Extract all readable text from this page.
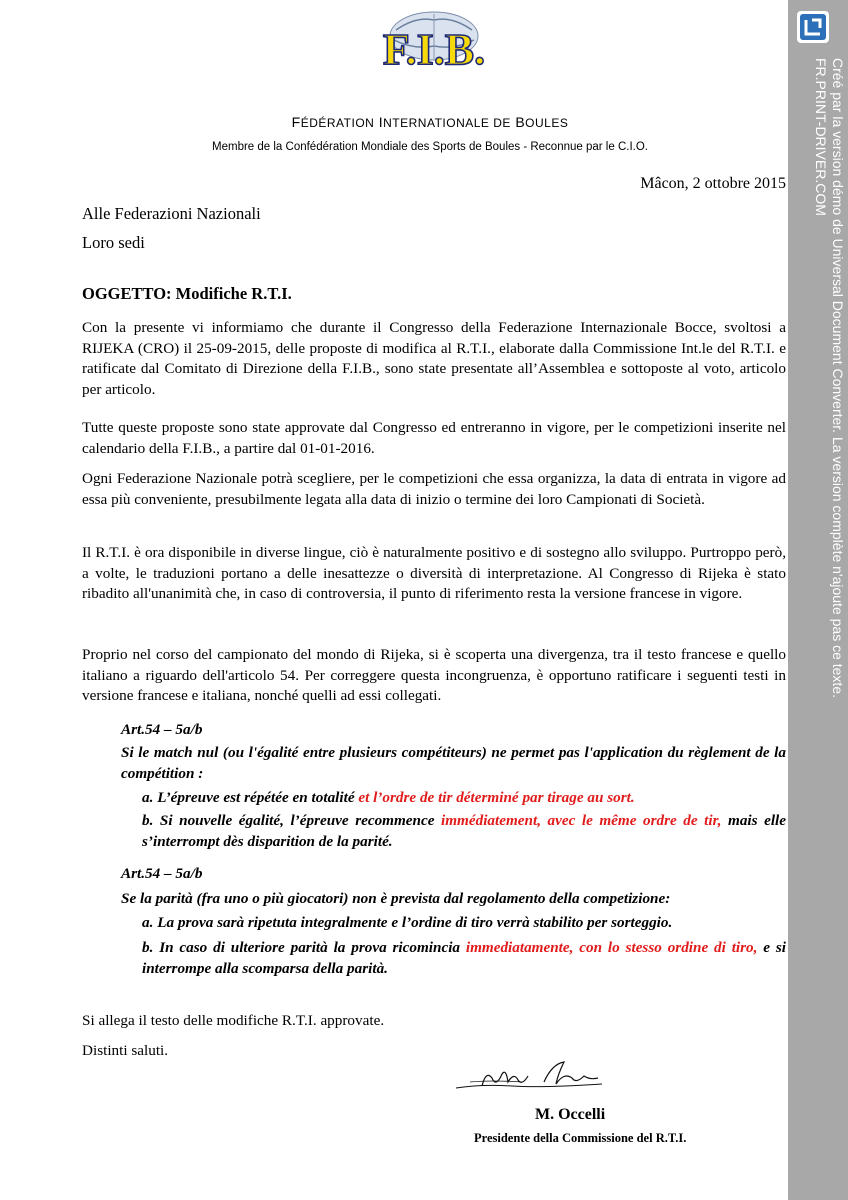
F.I.B.
FÉDÉRATION INTERNATIONALE DE BOULES
Membre de la Confédération Mondiale des Sports de Boules - Reconnue par le C.I.O.
Mâcon, 2 ottobre 2015
Alle Federazioni Nazionali
Loro sedi
OGGETTO: Modifiche R.T.I.

Con la presente vi informiamo che durante il Congresso della Federazione Internazionale Bocce, svoltosi a RIJEKA (CRO) il 25-09-2015, delle proposte di modifica al R.T.I., elaborate dalla Commissione Int.le del R.T.I. e ratificate dal Comitato di Direzione della F.I.B., sono state presentate all’Assemblea e sottoposte al voto, articolo per articolo.

Tutte queste proposte sono state approvate dal Congresso ed entreranno in vigore, per le competizioni inserite nel calendario della F.I.B., a partire dal 01-01-2016.

Ogni Federazione Nazionale potrà scegliere, per le competizioni che essa organizza, la data di entrata in vigore ad essa più conveniente, presubilmente legata alla data di inizio o termine dei loro Campionati di Società.

Il R.T.I. è ora disponibile in diverse lingue, ciò è naturalmente positivo e di sostegno allo sviluppo. Purtroppo però, a volte, le traduzioni portano a delle inesattezze o diversità di interpretazione. Al Congresso di Rijeka è stato ribadito all'unanimità che, in caso di controversia, il punto di riferimento resta la versione francese in vigore.

Proprio nel corso del campionato del mondo di Rijeka, si è scoperta una divergenza, tra il testo francese e quello italiano a riguardo dell'articolo 54. Per correggere questa incongruenza, è opportuno ratificare i seguenti testi in versione francese e italiana, nonché quelli ad essi collegati.

Art.54 – 5a/b

Si le match nul (ou l'égalité entre plusieurs compétiteurs) ne permet pas l'application du règlement de la compétition :

a. L’épreuve est répétée en totalité et l’ordre de tir déterminé par tirage au sort.

b. Si nouvelle égalité, l’épreuve recommence immédiatement, avec le même ordre de tir, mais elle s’interrompt dès disparition de la parité.

Art.54 – 5a/b

Se la parità (fra uno o più giocatori) non è prevista dal regolamento della competizione:

a. La prova sarà ripetuta integralmente e l’ordine di tiro verrà stabilito per sorteggio.

b. In caso di ulteriore parità la prova ricomincia immediatamente, con lo stesso ordine di tiro, e si interrompe alla scomparsa della parità.

Si allega il testo delle modifiche R.T.I. approvate.
Distinti saluti.
M. Occelli
Presidente della Commissione del R.T.I.
Créé par la version démo de Universal Document Converter. La version complète n'ajoute pas ce texte.
FR.PRINT-DRIVER.COM
